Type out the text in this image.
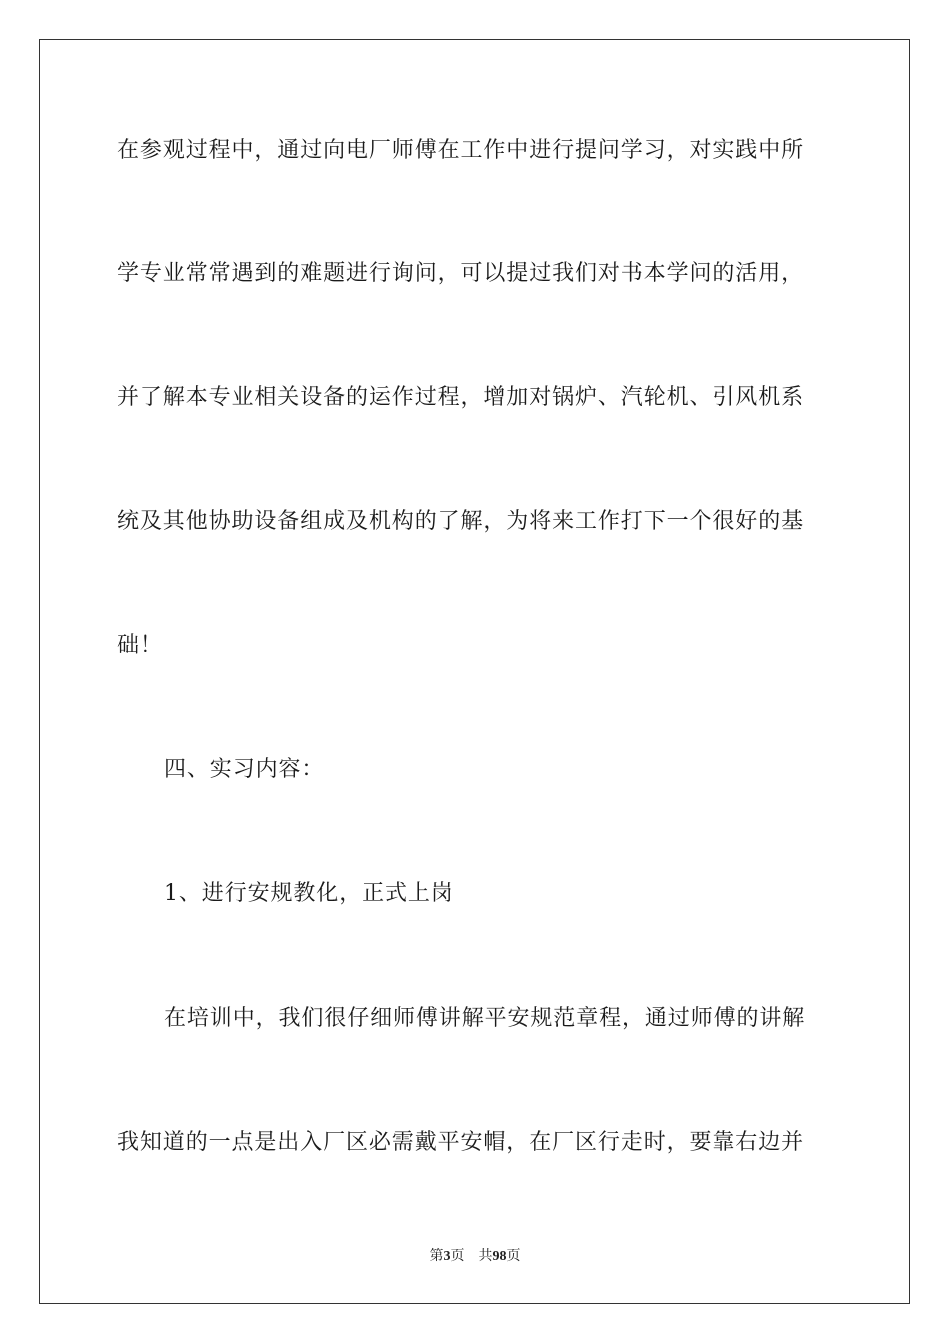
在参观过程中，通过向电厂师傅在工作中进行提问学习，对实践中所
学专业常常遇到的难题进行询问，可以提过我们对书本学问的活用，
并了解本专业相关设备的运作过程，增加对锅炉、汽轮机、引风机系
统及其他协助设备组成及机构的了解，为将来工作打下一个很好的基
础！
四、实习内容：
1、进行安规教化，正式上岗
在培训中，我们很仔细师傅讲解平安规范章程，通过师傅的讲解
我知道的一点是出入厂区必需戴平安帽，在厂区行走时，要靠右边并
第3页 共98页
